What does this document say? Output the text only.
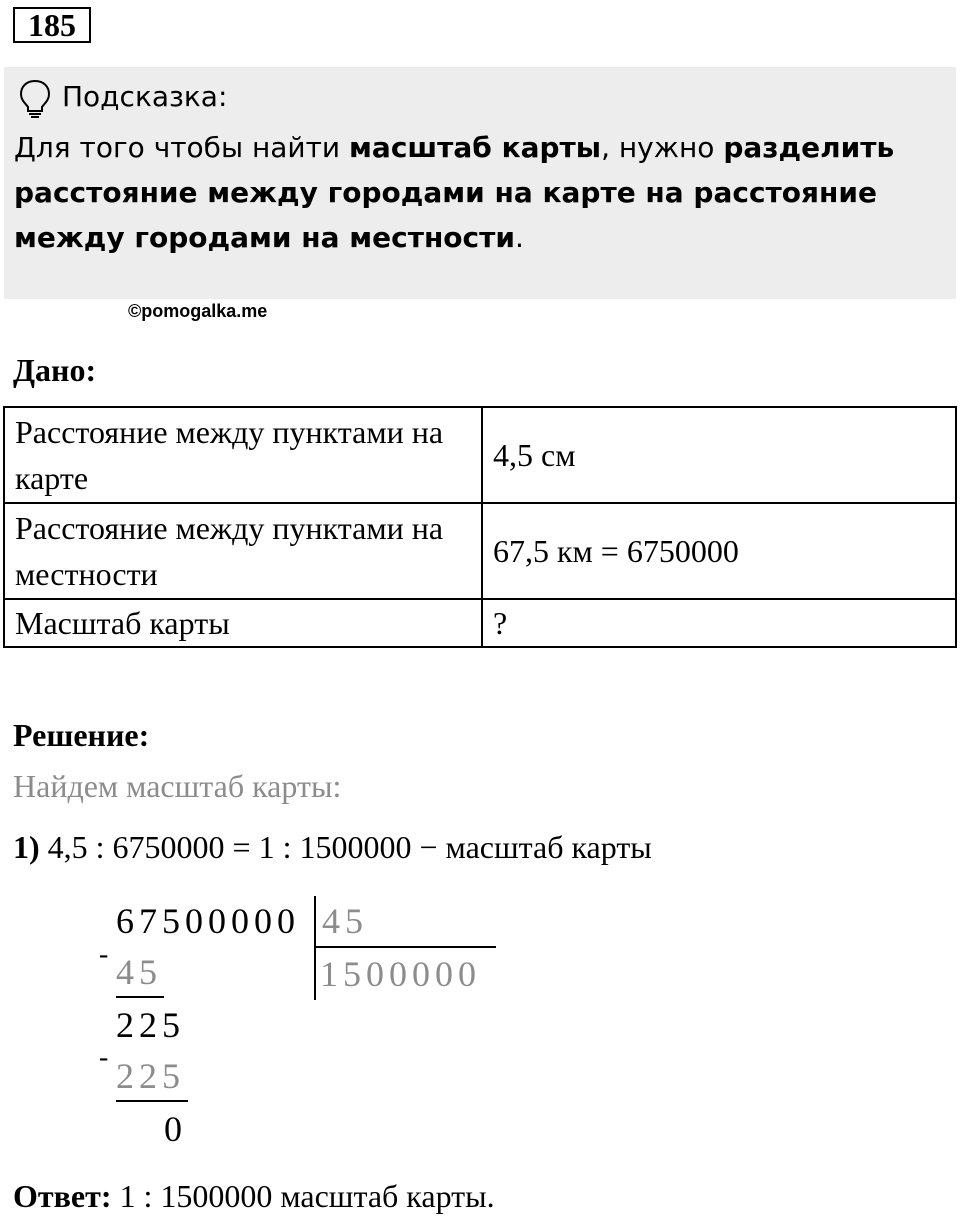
185
Подсказка:
Для того чтобы найти масштаб карты, нужно разделить расстояние между городами на карте на расстояние между городами на местности.
©pomogalka.me
Дано:
Расстояние между пунктами на карте	4,5 см
Расстояние между пунктами на местности	67,5 км = 6750000
Масштаб карты	?
Решение:
Найдем масштаб карты:
1) 4,5 : 6750000 = 1 : 1500000 − масштаб карты
67500000 45
1500000
- 45
225
- 225
0
Ответ: 1 : 1500000 масштаб карты.
